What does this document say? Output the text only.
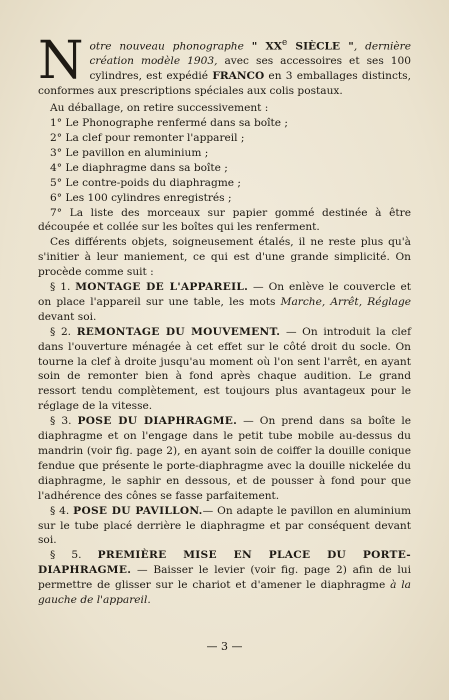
Notre nouveau phonographe " XXe SIÈCLE ", dernière création modèle 1903, avec ses accessoires et ses 100 cylindres, est expédié FRANCO en 3 emballages distincts, conformes aux prescriptions spéciales aux colis postaux.
Au déballage, on retire successivement :
1° Le Phonographe renfermé dans sa boîte ;
2° La clef pour remonter l'appareil ;
3° Le pavillon en aluminium ;
4° Le diaphragme dans sa boîte ;
5° Le contre-poids du diaphragme ;
6° Les 100 cylindres enregistrés ;
7° La liste des morceaux sur papier gommé destinée à être découpée et collée sur les boîtes qui les renferment.
Ces différents objets, soigneusement étalés, il ne reste plus qu'à s'initier à leur maniement, ce qui est d'une grande simplicité. On procède comme suit :
§ 1. MONTAGE DE L'APPAREIL. — On enlève le couvercle et on place l'appareil sur une table, les mots Marche, Arrêt, Réglage devant soi.
§ 2. REMONTAGE DU MOUVEMENT. — On introduit la clef dans l'ouverture ménagée à cet effet sur le côté droit du socle. On tourne la clef à droite jusqu'au moment où l'on sent l'arrêt, en ayant soin de remonter bien à fond après chaque audition. Le grand ressort tendu complètement, est toujours plus avantageux pour le réglage de la vitesse.
§ 3. POSE DU DIAPHRAGME. — On prend dans sa boîte le diaphragme et on l'engage dans le petit tube mobile au-dessus du mandrin (voir fig. page 2), en ayant soin de coiffer la douille conique fendue que présente le porte-diaphragme avec la douille nickelée du diaphragme, le saphir en dessous, et de pousser à fond pour que l'adhérence des cônes se fasse parfaitement.
§ 4. POSE DU PAVILLON.— On adapte le pavillon en aluminium sur le tube placé derrière le diaphragme et par conséquent devant soi.
§ 5. PREMIÈRE MISE EN PLACE DU PORTE-DIAPHRAGME. — Baisser le levier (voir fig. page 2) afin de lui permettre de glisser sur le chariot et d'amener le diaphragme à la gauche de l'appareil.
— 3 —
